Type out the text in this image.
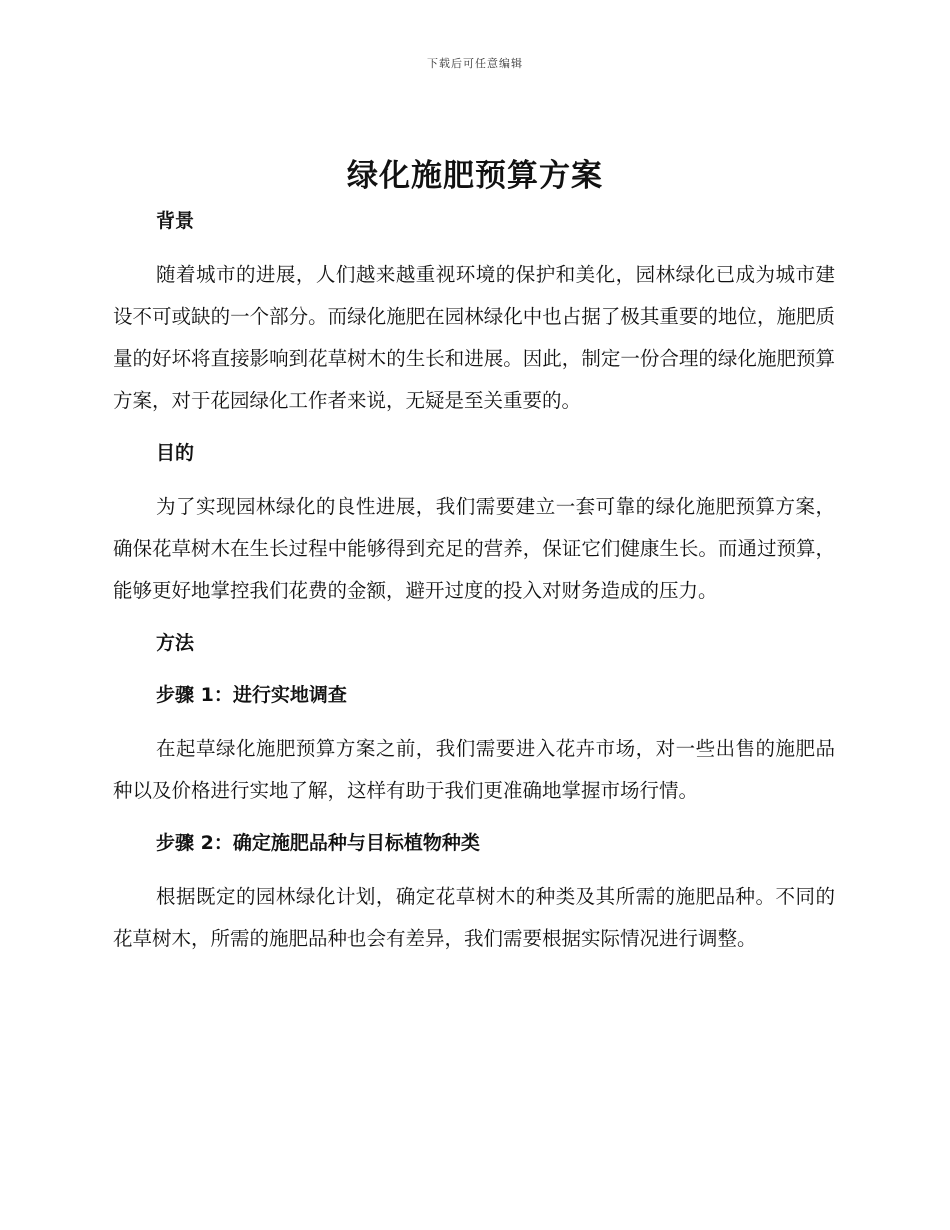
下载后可任意编辑
绿化施肥预算方案
背景

随着城市的进展，人们越来越重视环境的保护和美化，园林绿化已成为城市建设不可或缺的一个部分。而绿化施肥在园林绿化中也占据了极其重要的地位，施肥质量的好坏将直接影响到花草树木的生长和进展。因此，制定一份合理的绿化施肥预算方案，对于花园绿化工作者来说，无疑是至关重要的。

目的

为了实现园林绿化的良性进展，我们需要建立一套可靠的绿化施肥预算方案，确保花草树木在生长过程中能够得到充足的营养，保证它们健康生长。而通过预算，能够更好地掌控我们花费的金额，避开过度的投入对财务造成的压力。

方法
步骤 1：进行实地调查

在起草绿化施肥预算方案之前，我们需要进入花卉市场，对一些出售的施肥品种以及价格进行实地了解，这样有助于我们更准确地掌握市场行情。

步骤 2：确定施肥品种与目标植物种类

根据既定的园林绿化计划，确定花草树木的种类及其所需的施肥品种。不同的花草树木，所需的施肥品种也会有差异，我们需要根据实际情况进行调整。
